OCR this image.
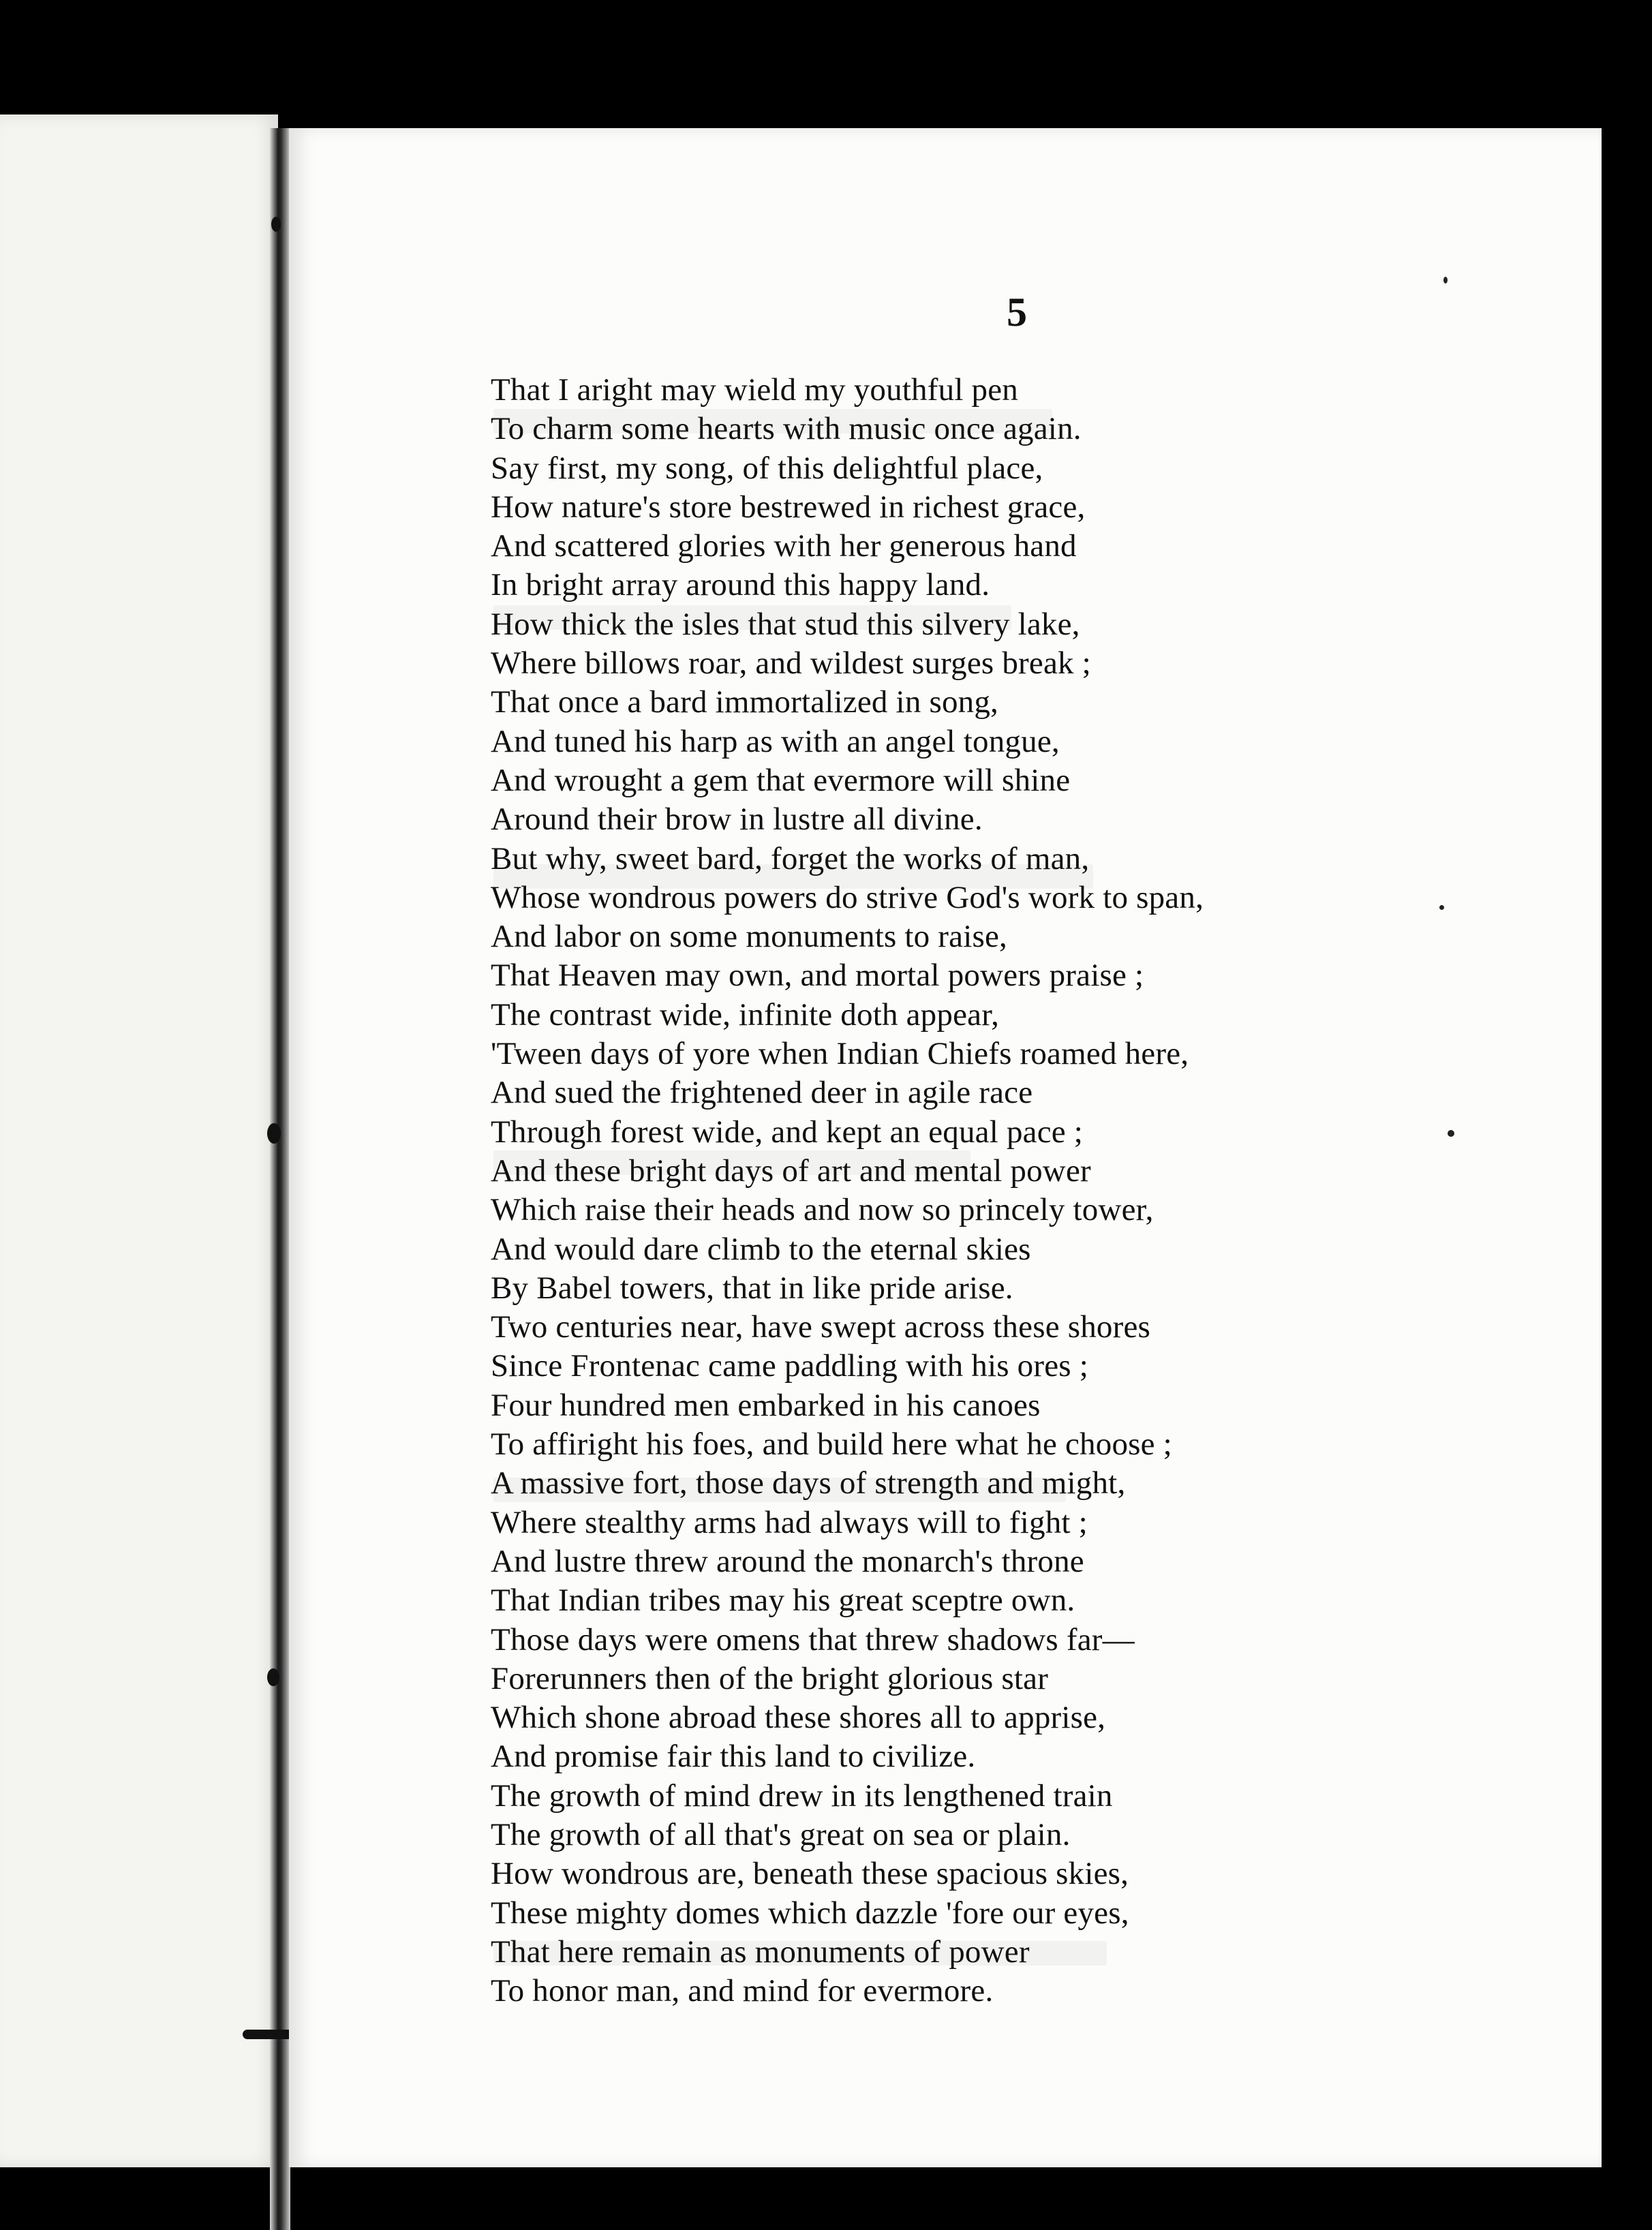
5
That I aright may wield my youthful pen
To charm some hearts with music once again.
Say first, my song, of this delightful place,
How nature's store bestrewed in richest grace,
And scattered glories with her generous hand
In bright array around this happy land.
How thick the isles that stud this silvery lake,
Where billows roar, and wildest surges break ;
That once a bard immortalized in song,
And tuned his harp as with an angel tongue,
And wrought a gem that evermore will shine
Around their brow in lustre all divine.
But why, sweet bard, forget the works of man,
Whose wondrous powers do strive God's work to span,
And labor on some monuments to raise,
That Heaven may own, and mortal powers praise ;
The contrast wide, infinite doth appear,
'Tween days of yore when Indian Chiefs roamed here,
And sued the frightened deer in agile race
Through forest wide, and kept an equal pace ;
And these bright days of art and mental power
Which raise their heads and now so princely tower,
And would dare climb to the eternal skies
By Babel towers, that in like pride arise.
Two centuries near, have swept across these shores
Since Frontenac came paddling with his ores ;
Four hundred men embarked in his canoes
To affiright his foes, and build here what he choose ;
A massive fort, those days of strength and might,
Where stealthy arms had always will to fight ;
And lustre threw around the monarch's throne
That Indian tribes may his great sceptre own.
Those days were omens that threw shadows far—
Forerunners then of the bright glorious star
Which shone abroad these shores all to apprise,
And promise fair this land to civilize.
The growth of mind drew in its lengthened train
The growth of all that's great on sea or plain.
How wondrous are, beneath these spacious skies,
These mighty domes which dazzle 'fore our eyes,
That here remain as monuments of power
To honor man, and mind for evermore.
